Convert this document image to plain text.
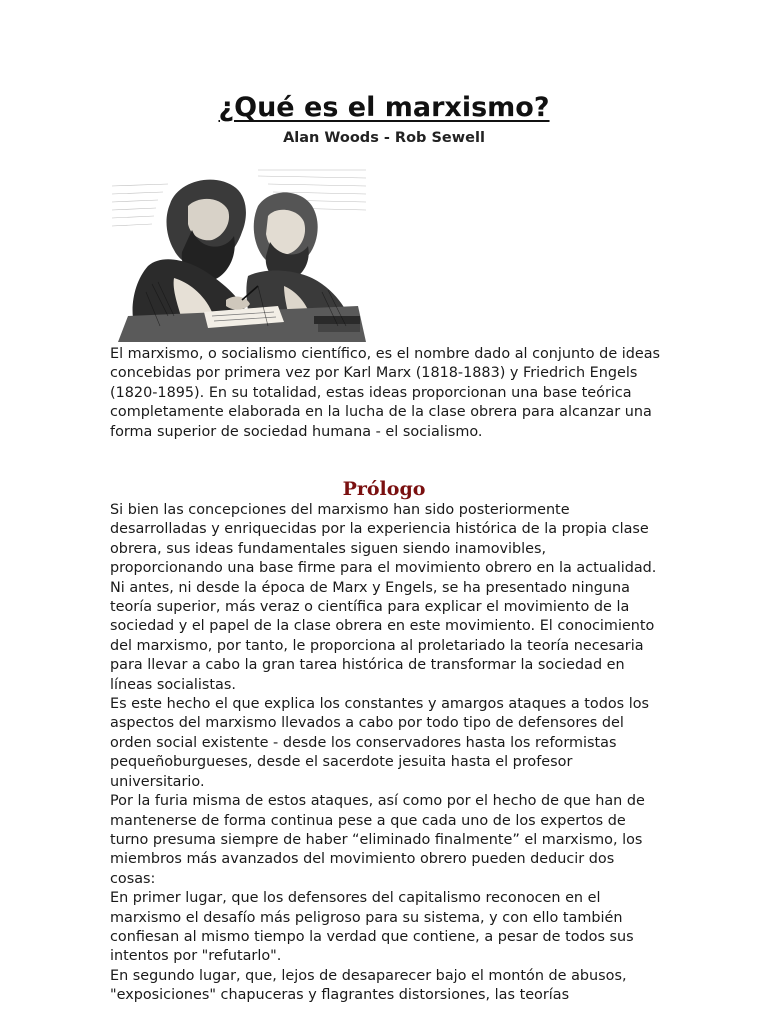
¿Qué es el marxismo?
Alan Woods - Rob Sewell

El marxismo, o socialismo científico, es el nombre dado al conjunto de ideas concebidas por primera vez por Karl Marx (1818-1883) y Friedrich Engels (1820-1895). En su totalidad, estas ideas proporcionan una base teórica completamente elaborada en la lucha de la clase obrera para alcanzar una forma superior de sociedad humana - el socialismo.

Prólogo

Si bien las concepciones del marxismo han sido posteriormente desarrolladas y enriquecidas por la experiencia histórica de la propia clase obrera, sus ideas fundamentales siguen siendo inamovibles, proporcionando una base firme para el movimiento obrero en la actualidad. Ni antes, ni desde la época de Marx y Engels, se ha presentado ninguna teoría superior, más veraz o científica para explicar el movimiento de la sociedad y el papel de la clase obrera en este movimiento. El conocimiento del marxismo, por tanto, le proporciona al proletariado la teoría necesaria para llevar a cabo la gran tarea histórica de transformar la sociedad en líneas socialistas.

Es este hecho el que explica los constantes y amargos ataques a todos los aspectos del marxismo llevados a cabo por todo tipo de defensores del orden social existente - desde los conservadores hasta los reformistas pequeñoburgueses, desde el sacerdote jesuita hasta el profesor universitario.

Por la furia misma de estos ataques, así como por el hecho de que han de mantenerse de forma continua pese a que cada uno de los expertos de turno presuma siempre de haber “eliminado finalmente” el marxismo, los miembros más avanzados del movimiento obrero pueden deducir dos cosas:

En primer lugar, que los defensores del capitalismo reconocen en el marxismo el desafío más peligroso para su sistema, y con ello también confiesan al mismo tiempo la verdad que contiene, a pesar de todos sus intentos por "refutarlo".

En segundo lugar, que, lejos de desaparecer bajo el montón de abusos, "exposiciones" chapuceras y flagrantes distorsiones, las teorías
